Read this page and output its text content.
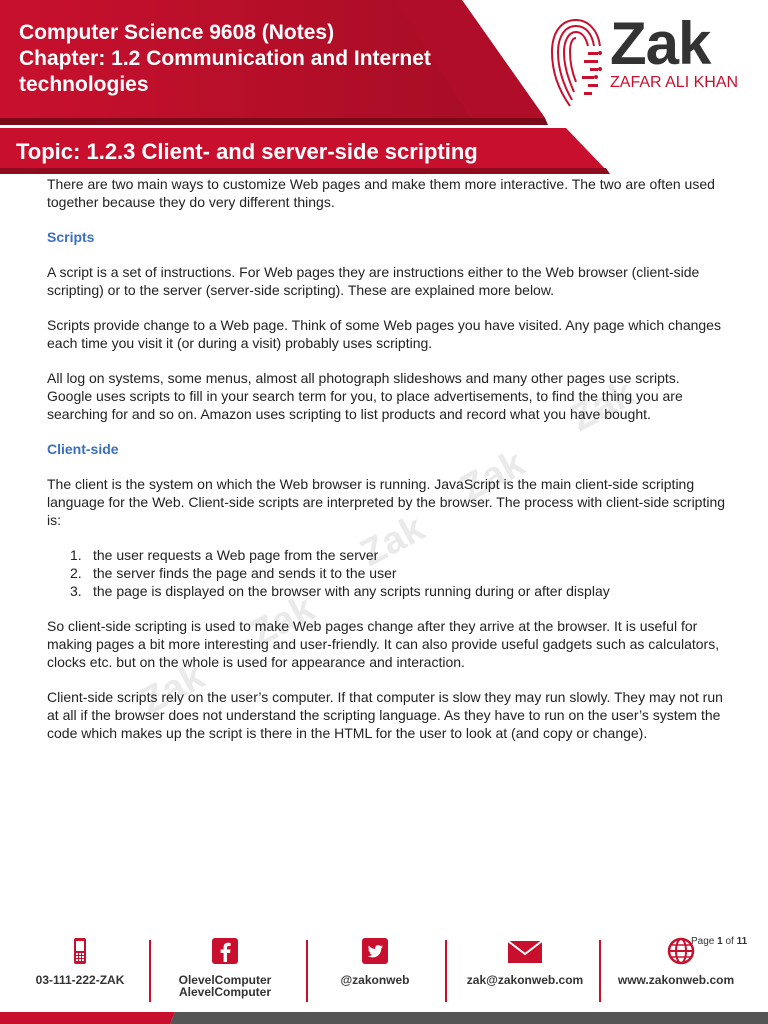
Computer Science 9608 (Notes)
Chapter: 1.2 Communication and Internet
technologies
Zak
ZAFAR ALI KHAN
Topic: 1.2.3 Client- and server-side scripting
Zak
Zak
Zak
Zak
Zak

There are two main ways to customize Web pages and make them more interactive. The two are often used together because they do very different things.

Scripts

A script is a set of instructions. For Web pages they are instructions either to the Web browser (client-side scripting) or to the server (server-side scripting). These are explained more below.

Scripts provide change to a Web page. Think of some Web pages you have visited. Any page which changes each time you visit it (or during a visit) probably uses scripting.

All log on systems, some menus, almost all photograph slideshows and many other pages use scripts. Google uses scripts to fill in your search term for you, to place advertisements, to find the thing you are searching for and so on. Amazon uses scripting to list products and record what you have bought.

Client-side

The client is the system on which the Web browser is running. JavaScript is the main client-side scripting language for the Web. Client-side scripts are interpreted by the browser. The process with client-side scripting is:

1. the user requests a Web page from the server
2. the server finds the page and sends it to the user
3. the page is displayed on the browser with any scripts running during or after display

So client-side scripting is used to make Web pages change after they arrive at the browser. It is useful for making pages a bit more interesting and user-friendly. It can also provide useful gadgets such as calculators, clocks etc. but on the whole is used for appearance and interaction.

Client-side scripts rely on the user’s computer. If that computer is slow they may run slowly. They may not run at all if the browser does not understand the scripting language. As they have to run on the user’s system the code which makes up the script is there in the HTML for the user to look at (and copy or change).

03-111-222-ZAK	OlevelComputer
AlevelComputer
@zakonweb	zak@zakonweb.com	www.zakonweb.com
Page 1 of 11
